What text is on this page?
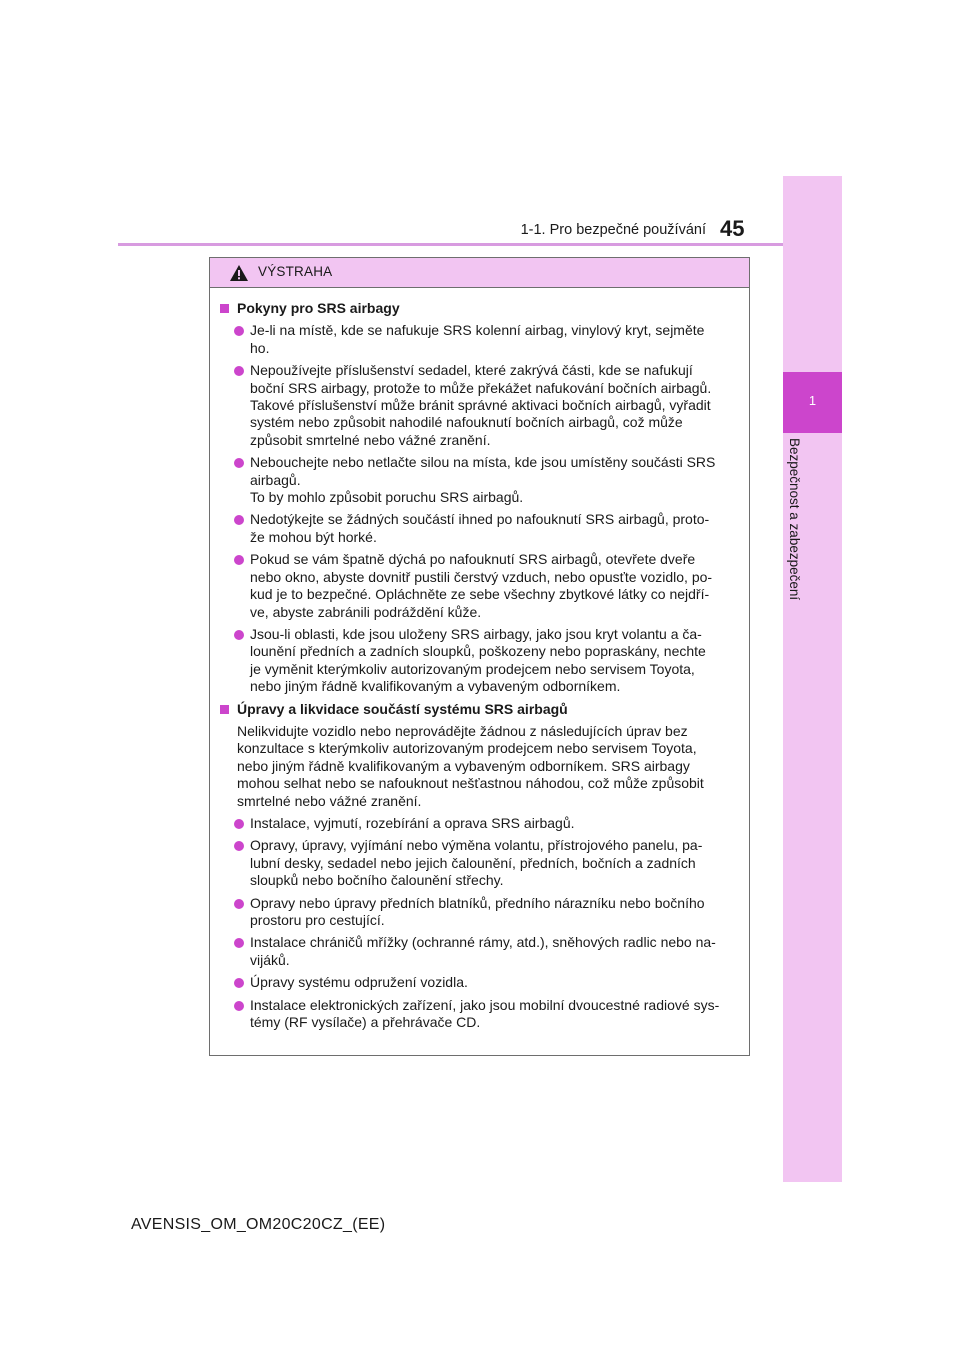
1-1. Pro bezpečné používání 45
1
Bezpečnost a zabezpečení
VÝSTRAHA
Pokyny pro SRS airbagy
Je-li na místě, kde se nafukuje SRS kolenní airbag, vinylový kryt, sejměte
ho.
Nepoužívejte příslušenství sedadel, které zakrývá části, kde se nafukují
boční SRS airbagy, protože to může překážet nafukování bočních airbagů.
Takové příslušenství může bránit správné aktivaci bočních airbagů, vyřadit
systém nebo způsobit nahodilé nafouknutí bočních airbagů, což může
způsobit smrtelné nebo vážné zranění.
Nebouchejte nebo netlačte silou na místa, kde jsou umístěny součásti SRS
airbagů.
To by mohlo způsobit poruchu SRS airbagů.
Nedotýkejte se žádných součástí ihned po nafouknutí SRS airbagů, proto-
že mohou být horké.
Pokud se vám špatně dýchá po nafouknutí SRS airbagů, otevřete dveře
nebo okno, abyste dovnitř pustili čerstvý vzduch, nebo opusťte vozidlo, po-
kud je to bezpečné. Opláchněte ze sebe všechny zbytkové látky co nejdří-
ve, abyste zabránili podráždění kůže.
Jsou-li oblasti, kde jsou uloženy SRS airbagy, jako jsou kryt volantu a ča-
lounění předních a zadních sloupků, poškozeny nebo popraskány, nechte
je vyměnit kterýmkoliv autorizovaným prodejcem nebo servisem Toyota,
nebo jiným řádně kvalifikovaným a vybaveným odborníkem.
Úpravy a likvidace součástí systému SRS airbagů
Nelikvidujte vozidlo nebo neprovádějte žádnou z následujících úprav bez
konzultace s kterýmkoliv autorizovaným prodejcem nebo servisem Toyota,
nebo jiným řádně kvalifikovaným a vybaveným odborníkem. SRS airbagy
mohou selhat nebo se nafouknout nešťastnou náhodou, což může způsobit
smrtelné nebo vážné zranění.
Instalace, vyjmutí, rozebírání a oprava SRS airbagů.
Opravy, úpravy, vyjímání nebo výměna volantu, přístrojového panelu, pa-
lubní desky, sedadel nebo jejich čalounění, předních, bočních a zadních
sloupků nebo bočního čalounění střechy.
Opravy nebo úpravy předních blatníků, předního nárazníku nebo bočního
prostoru pro cestující.
Instalace chráničů mřížky (ochranné rámy, atd.), sněhových radlic nebo na-
vijáků.
Úpravy systému odpružení vozidla.
Instalace elektronických zařízení, jako jsou mobilní dvoucestné radiové sys-
témy (RF vysílače) a přehrávače CD.
AVENSIS_OM_OM20C20CZ_(EE)
